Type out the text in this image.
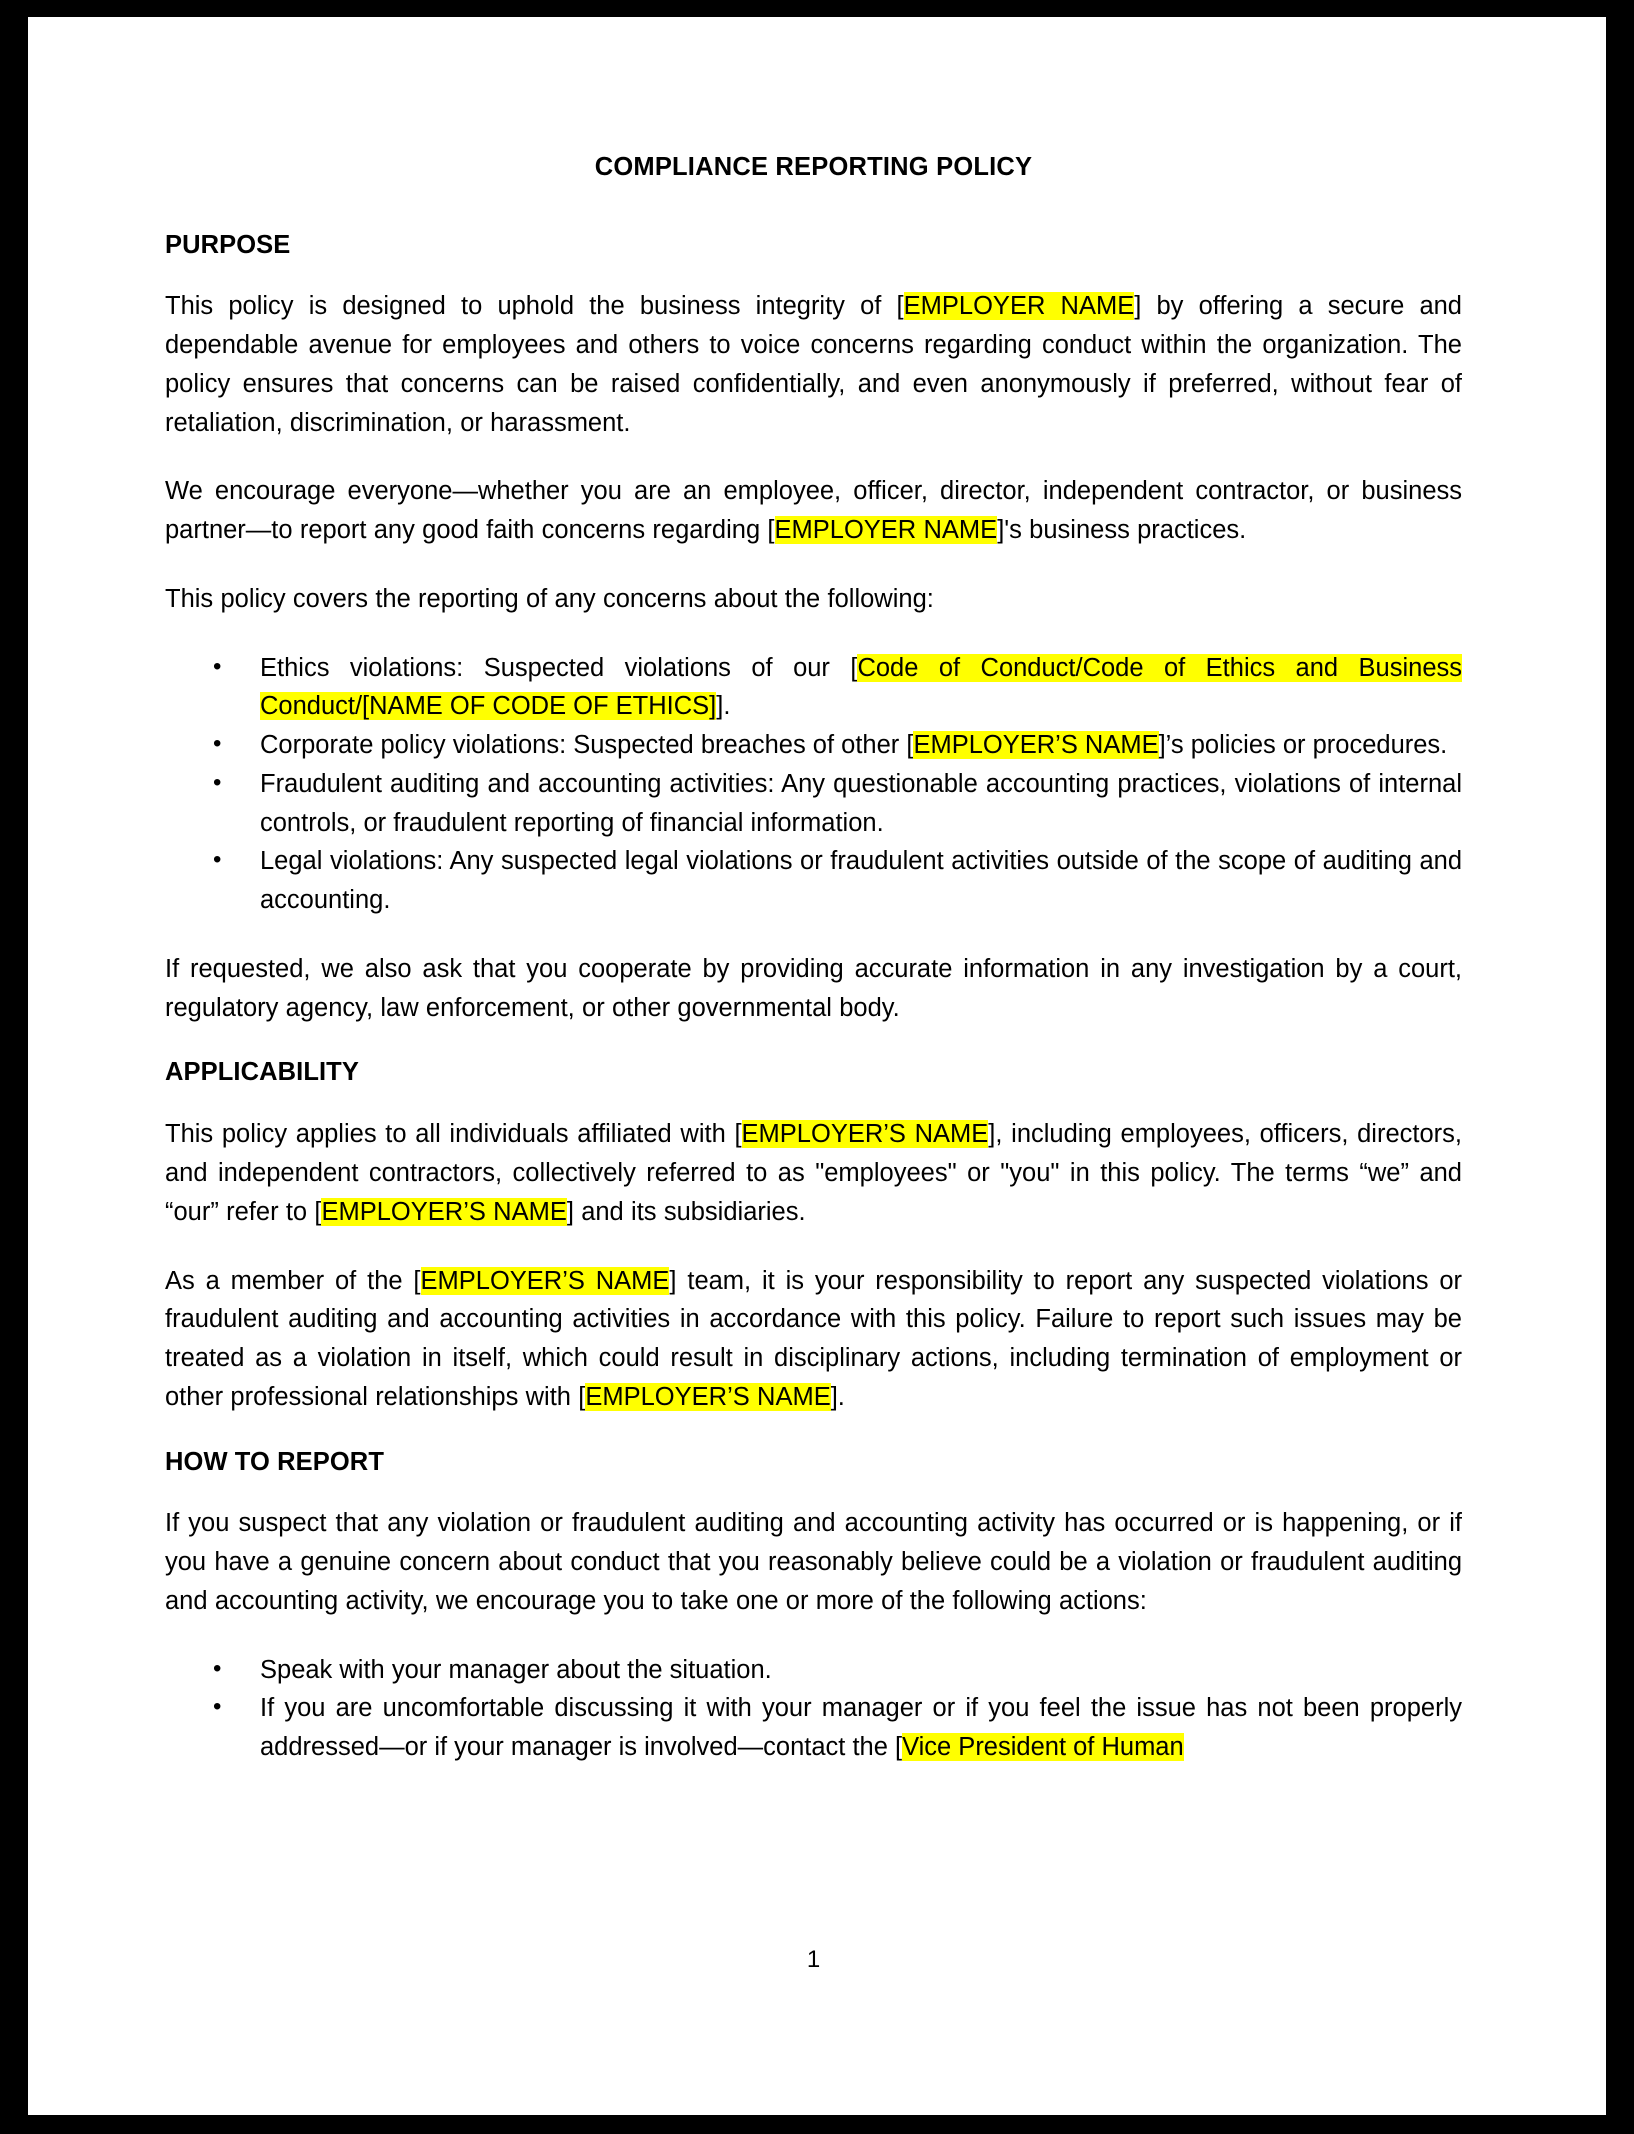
COMPLIANCE REPORTING POLICY
PURPOSE

This policy is designed to uphold the business integrity of [EMPLOYER NAME] by offering a secure and dependable avenue for employees and others to voice concerns regarding conduct within the organization. The policy ensures that concerns can be raised confidentially, and even anonymously if preferred, without fear of retaliation, discrimination, or harassment.

We encourage everyone—whether you are an employee, officer, director, independent contractor, or business partner—to report any good faith concerns regarding [EMPLOYER NAME]'s business practices.

This policy covers the reporting of any concerns about the following:

• Ethics violations: Suspected violations of our [Code of Conduct/Code of Ethics and Business Conduct/[NAME OF CODE OF ETHICS]].
• Corporate policy violations: Suspected breaches of other [EMPLOYER’S NAME]’s policies or procedures.
• Fraudulent auditing and accounting activities: Any questionable accounting practices, violations of internal controls, or fraudulent reporting of financial information.
• Legal violations: Any suspected legal violations or fraudulent activities outside of the scope of auditing and accounting.

If requested, we also ask that you cooperate by providing accurate information in any investigation by a court, regulatory agency, law enforcement, or other governmental body.

APPLICABILITY

This policy applies to all individuals affiliated with [EMPLOYER’S NAME], including employees, officers, directors, and independent contractors, collectively referred to as "employees" or "you" in this policy. The terms “we” and “our” refer to [EMPLOYER’S NAME] and its subsidiaries.

As a member of the [EMPLOYER’S NAME] team, it is your responsibility to report any suspected violations or fraudulent auditing and accounting activities in accordance with this policy. Failure to report such issues may be treated as a violation in itself, which could result in disciplinary actions, including termination of employment or other professional relationships with [EMPLOYER’S NAME].

HOW TO REPORT

If you suspect that any violation or fraudulent auditing and accounting activity has occurred or is happening, or if you have a genuine concern about conduct that you reasonably believe could be a violation or fraudulent auditing and accounting activity, we encourage you to take one or more of the following actions:

• Speak with your manager about the situation.
• If you are uncomfortable discussing it with your manager or if you feel the issue has not been properly addressed—or if your manager is involved—contact the [Vice President of Human
1
